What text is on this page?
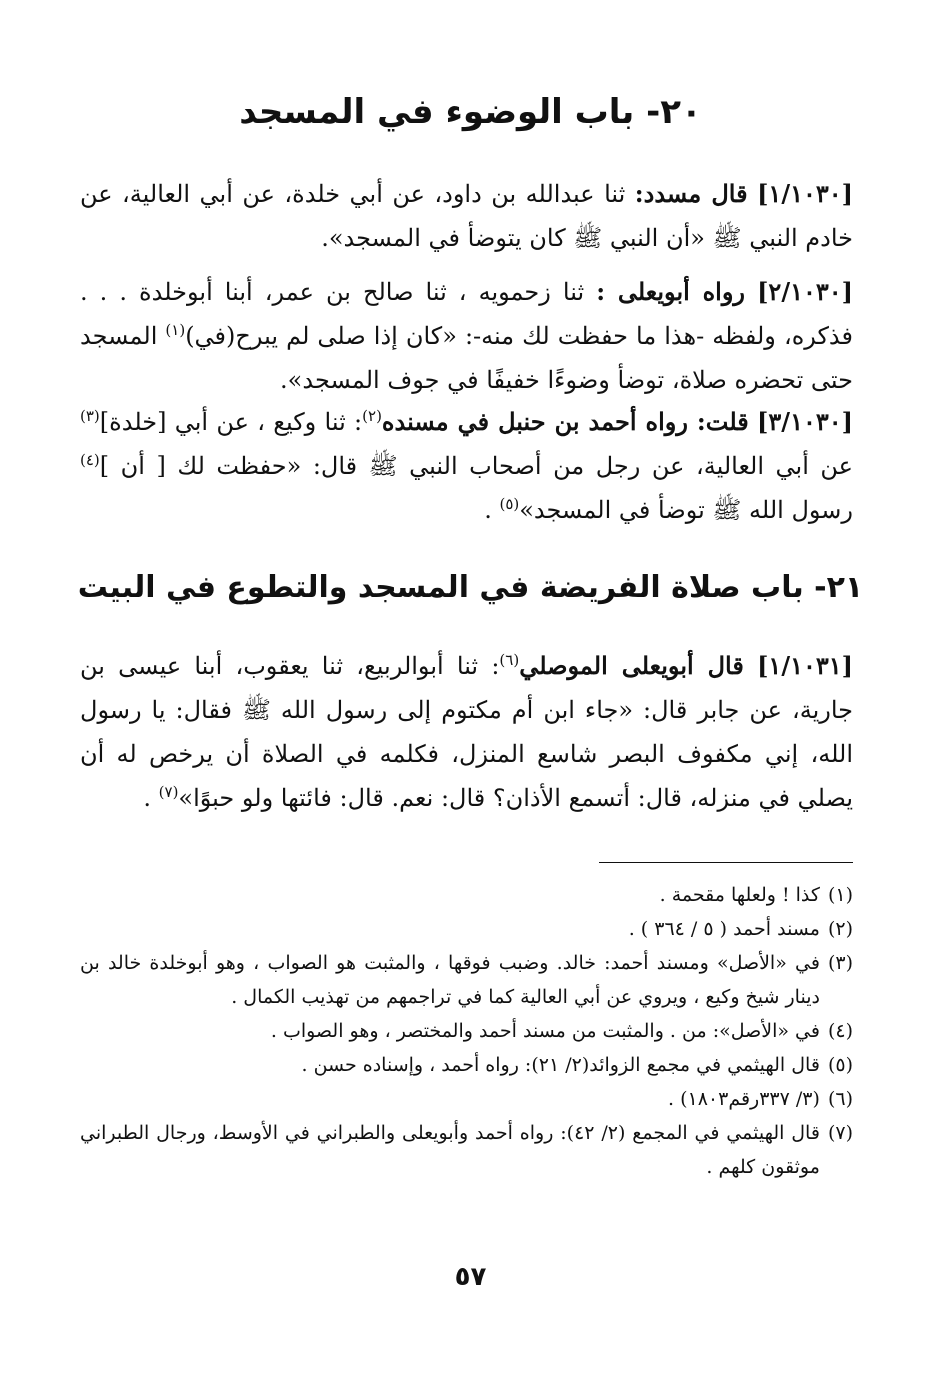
٢٠- باب الوضوء في المسجد
[١/١٠٣٠] قال مسدد: ثنا عبدالله بن داود، عن أبي خلدة، عن أبي العالية، عن خادم النبي ﷺ «أن النبي ﷺ كان يتوضأ في المسجد».
[٢/١٠٣٠] رواه أبويعلى : ثنا زحمويه ، ثنا صالح بن عمر، أبنا أبوخلدة . . . فذكره، ولفظه -هذا ما حفظت لك منه-: «كان إذا صلى لم يبرح(في)$^{(١)}$ المسجد حتى تحضره صلاة، توضأ وضوءًا خفيفًا في جوف المسجد».
[٣/١٠٣٠] قلت: رواه أحمد بن حنبل في مسنده$^{(٢)}$: ثنا وكيع ، عن أبي [خلدة]$^{(٣)}$ عن أبي العالية، عن رجل من أصحاب النبي ﷺ قال: «حفظت لك [ أن ]$^{(٤)}$ رسول الله ﷺ توضأ في المسجد»$^{(٥)}$ .
٢١- باب صلاة الفريضة في المسجد والتطوع في البيت
[١/١٠٣١] قال أبويعلى الموصلي$^{(٦)}$: ثنا أبوالربيع، ثنا يعقوب، أبنا عيسى بن جارية، عن جابر قال: «جاء ابن أم مكتوم إلى رسول الله ﷺ فقال: يا رسول الله، إني مكفوف البصر شاسع المنزل، فكلمه في الصلاة أن يرخص له أن يصلي في منزله، قال: أتسمع الأذان؟ قال: نعم. قال: فائتها ولو حبوًا»$^{(٧)}$ .
(١)
كذا ! ولعلها مقحمة .
(٢)
مسند أحمد ( ٥ / ٣٦٤ ) .
(٣)
في «الأصل» ومسند أحمد: خالد. وضبب فوقها ، والمثبت هو الصواب ، وهو أبوخلدة خالد بن دينار شيخ وكيع ، ويروي عن أبي العالية كما في تراجمهم من تهذيب الكمال .
(٤)
في «الأصل»: من . والمثبت من مسند أحمد والمختصر ، وهو الصواب .
(٥)
قال الهيثمي في مجمع الزوائد(٢/ ٢١): رواه أحمد ، وإسناده حسن .
(٦)
(٣/ ٣٣٧رقم١٨٠٣) .
(٧)
قال الهيثمي في المجمع (٢/ ٤٢): رواه أحمد وأبويعلى والطبراني في الأوسط، ورجال الطبراني موثقون كلهم .
٥٧
